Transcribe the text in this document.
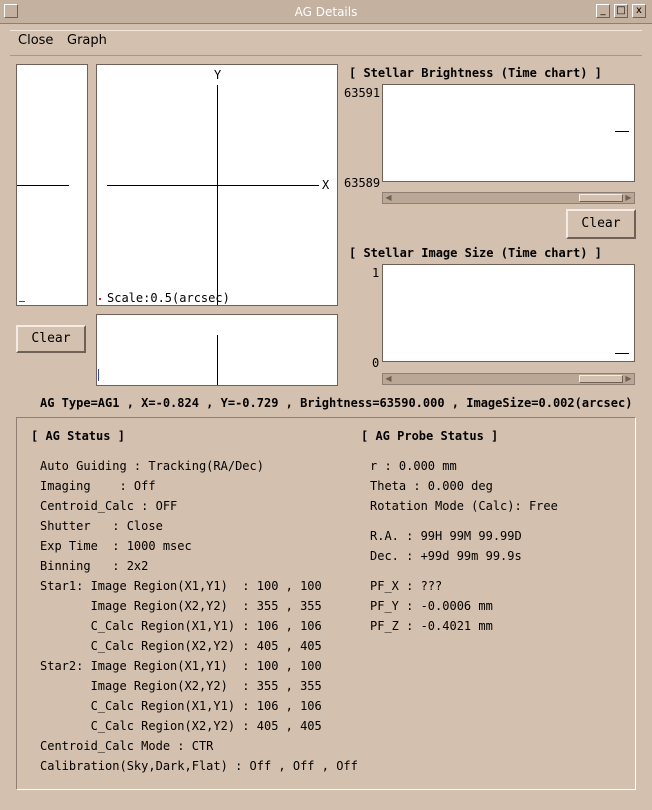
AG Details	_	□	x
Close Graph
Y
X
Scale:0.5(arcsec)
Clear
[ Stellar Brightness (Time chart) ]
63591
63589
◀	▶
Clear
[ Stellar Image Size (Time chart) ]
1
0
◀	▶
AG Type=AG1 , X=-0.824 , Y=-0.729 , Brightness=63590.000 , ImageSize=0.002(arcsec)
[ AG Status ]
Auto Guiding : Tracking(RA/Dec)
Imaging    : Off
Centroid_Calc : OFF
Shutter   : Close
Exp Time  : 1000 msec
Binning   : 2x2
Star1: Image Region(X1,Y1)  : 100 , 100
Image Region(X2,Y2)  : 355 , 355
C_Calc Region(X1,Y1) : 106 , 106
C_Calc Region(X2,Y2) : 405 , 405
Star2: Image Region(X1,Y1)  : 100 , 100
Image Region(X2,Y2)  : 355 , 355
C_Calc Region(X1,Y1) : 106 , 106
C_Calc Region(X2,Y2) : 405 , 405
Centroid_Calc Mode : CTR
Calibration(Sky,Dark,Flat) : Off , Off , Off
[ AG Probe Status ]
r : 0.000 mm
Theta : 0.000 deg
Rotation Mode (Calc): Free
R.A. : 99H 99M 99.99D
Dec. : +99d 99m 99.9s
PF_X : ???
PF_Y : -0.0006 mm
PF_Z : -0.4021 mm
